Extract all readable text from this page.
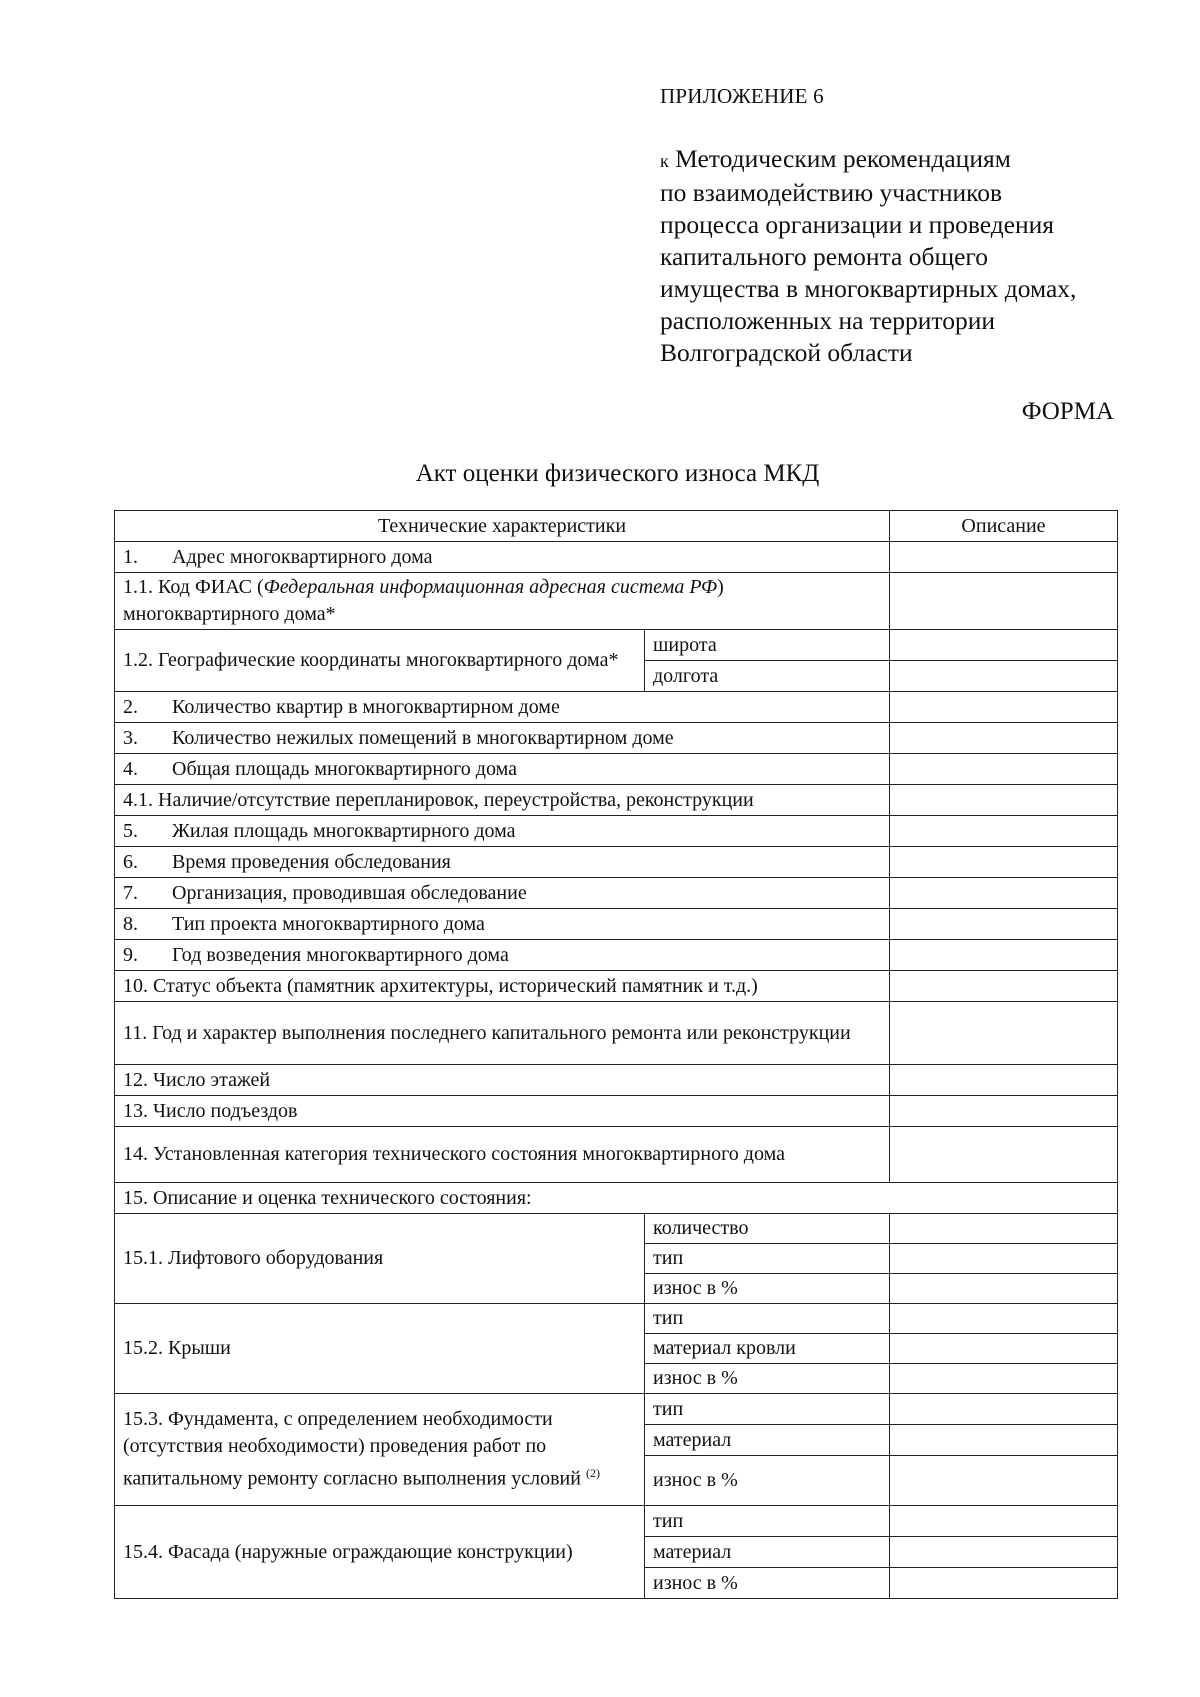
ПРИЛОЖЕНИЕ 6
к Методическим рекомендациям
по взаимодействию участников
процесса организации и проведения
капитального ремонта общего
имущества в многоквартирных домах,
расположенных на территории
Волгоградской области
ФОРМА
Акт оценки физического износа МКД
Технические характеристики		Описание
1. Адрес многоквартирного дома		
1.1. Код ФИАС (Федеральная информационная адресная система РФ)
многоквартирного дома*		
1.2. Географические координаты многоквартирного дома*	широта	
	долгота	
2. Количество квартир в многоквартирном доме		
3. Количество нежилых помещений в многоквартирном доме		
4. Общая площадь многоквартирного дома		
4.1. Наличие/отсутствие перепланировок, переустройства, реконструкции		
5. Жилая площадь многоквартирного дома		
6. Время проведения обследования		
7. Организация, проводившая обследование		
8. Тип проекта многоквартирного дома		
9. Год возведения многоквартирного дома		
10. Статус объекта (памятник архитектуры, исторический памятник и т.д.)		
11. Год и характер выполнения последнего капитального ремонта или реконструкции		
12. Число этажей		
13. Число подъездов		
14. Установленная категория технического состояния многоквартирного дома		
15. Описание и оценка технического состояния:		
15.1. Лифтового оборудования	количество	
	тип	
	износ в %	
15.2. Крыши	тип	
	материал кровли	
	износ в %	
15.3. Фундамента, с определением необходимости (отсутствия необходимости) проведения работ по капитальному ремонту согласно выполнения условий $^{(2)}$	тип	
	материал	
	износ в %	
15.4. Фасада (наружные ограждающие конструкции)	тип	
	материал	
	износ в %	
